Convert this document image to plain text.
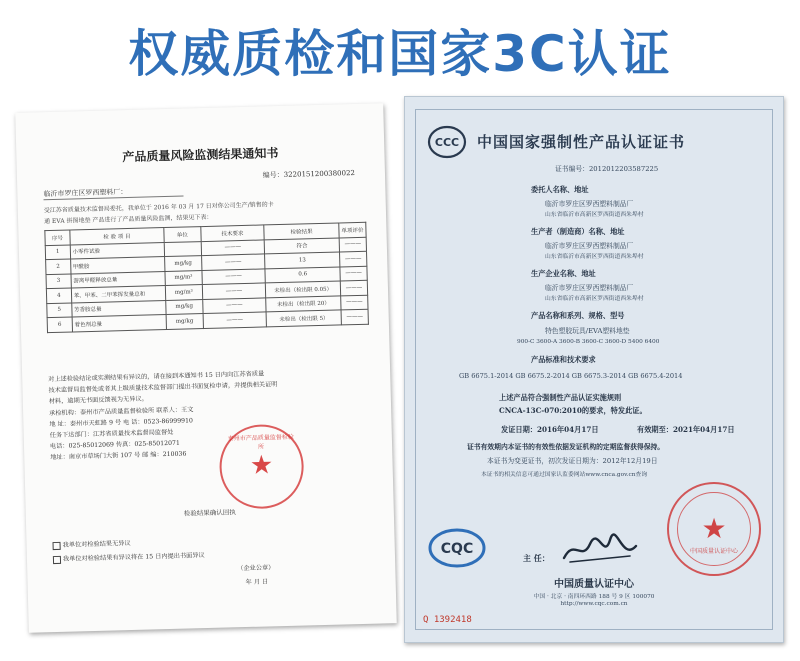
权威质检和国家3C认证
产品质量风险监测结果通知书
编号：3220151200380022
临沂市罗庄区罗西塑料厂：
受江苏省质量技术监督局委托，我单位于 2016 年 03 月 17 日对你公司生产/销售的卡
通 EVA 拼图地垫 产品进行了产品质量风险监测，结果见下表：
序号	检 验 项 目	单位	技术要求	检验结果	单项评价
1	小零件试验		———	符合	———
2	甲酰胺	mg/kg	———	13	———
3	游离甲醛释放总量	mg/m³	———	0.6	———
4	苯、甲苯、二甲苯挥发量总和	mg/m³	———	未检出（检出限 0.05）	———
5	芳香胺总量	mg/kg	———	未检出（检出限 20）	———
6	着色剂总量	mg/kg	———	未检出（检出限 5）	———
对上述检验结论或实测结果有异议的，请在接到本通知书 15 日内向江苏省质量
技术监督局监督处或者其上级质量技术监督部门提出书面复检申请，并提供相关证明
材料，逾期无书面反馈视为无异议。
承检机构：泰州市产品质量监督检验所 联系人：王文
地 址：泰州市天虹路 9 号 电 话：0523-86999910
任务下达部门：江苏省质量技术监督局监督处
电话：025-85012069 传真：025-85012071
地址：南京市草场门大街 107 号 邮 编：210036
泰州市产品质量监督检验所
★
检验结果确认回执
我单位对检验结果无异议
我单位对检验结果有异议将在 15 日内提出书面异议
（企业公章）
年 月 日
CCC 中国国家强制性产品认证证书
证书编号：2012012203587225
委托人名称、地址
临沂市罗庄区罗西塑料制品厂
山东省临沂市高新区罗西街道西朱埠村
生产者（制造商）名称、地址
临沂市罗庄区罗西塑料制品厂
山东省临沂市高新区罗西街道西朱埠村
生产企业名称、地址
临沂市罗庄区罗西塑料制品厂
山东省临沂市高新区罗西街道西朱埠村
产品名称和系列、规格、型号
特色塑胶玩具/EVA塑料地垫
900-C 3600-A 3600-B 3600-C 3600-D 5400 6400
产品标准和技术要求
GB 6675.1-2014 GB 6675.2-2014 GB 6675.3-2014 GB 6675.4-2014
上述产品符合强制性产品认证实施规则
CNCA-13C-070:2010的要求，特发此证。
发证日期：2016年04月17日	有效期至：2021年04月17日
证书有效期内本证书的有效性依据发证机构的定期监督获得保持。
本证书为变更证书，初次发证日期为：2012年12月19日
本证书的相关信息可通过国家认监委网站www.cnca.gov.cn查询
CQC
主 任：
★
中国质量认证中心
中国质量认证中心
中国 · 北京 · 南四环西路 188 号 9 区 100070
http://www.cqc.com.cn
Q 1392418
